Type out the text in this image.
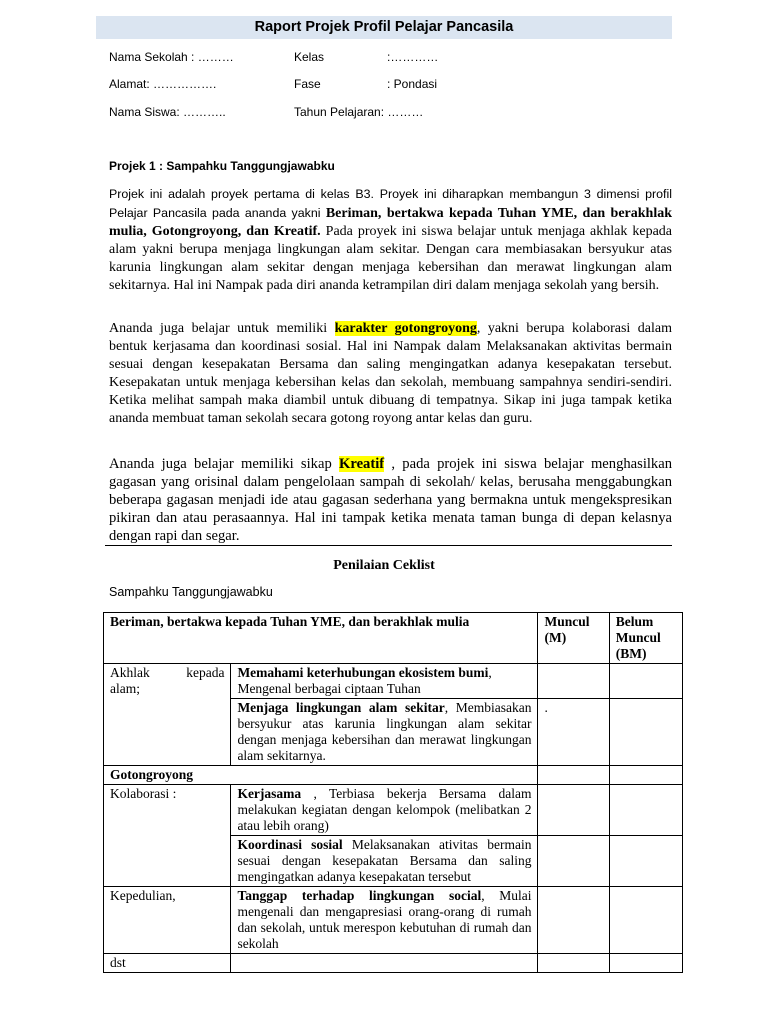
Raport Projek Profil Pelajar Pancasila
Nama Sekolah : ………	Kelas	:…………
Alamat: …………….	Fase	: Pondasi
Nama Siswa: ………..	Tahun Pelajaran: ………
Projek 1 : Sampahku Tanggungjawabku

Projek ini adalah proyek pertama di kelas B3. Proyek ini diharapkan membangun 3 dimensi profil Pelajar Pancasila pada ananda yakni Beriman, bertakwa kepada Tuhan YME, dan berakhlak mulia, Gotongroyong, dan Kreatif. Pada proyek ini siswa belajar untuk menjaga akhlak kepada alam yakni berupa menjaga lingkungan alam sekitar. Dengan cara membiasakan bersyukur atas karunia lingkungan alam sekitar dengan menjaga kebersihan dan merawat lingkungan alam sekitarnya. Hal ini Nampak pada diri ananda ketrampilan diri dalam menjaga sekolah yang bersih.

Ananda juga belajar untuk memiliki karakter gotongroyong, yakni berupa kolaborasi dalam bentuk kerjasama dan koordinasi sosial. Hal ini Nampak dalam Melaksanakan aktivitas bermain sesuai dengan kesepakatan Bersama dan saling mengingatkan adanya kesepakatan tersebut. Kesepakatan untuk menjaga kebersihan kelas dan sekolah, membuang sampahnya sendiri-sendiri. Ketika melihat sampah maka diambil untuk dibuang di tempatnya. Sikap ini juga tampak ketika ananda membuat taman sekolah secara gotong royong antar kelas dan guru.

Ananda juga belajar memiliki sikap Kreatif , pada projek ini siswa belajar menghasilkan gagasan yang orisinal dalam pengelolaan sampah di sekolah/ kelas, berusaha menggabungkan beberapa gagasan menjadi ide atau gagasan sederhana yang bermakna untuk mengekspresikan pikiran dan atau perasaannya. Hal ini tampak ketika menata taman bunga di depan kelasnya dengan rapi dan segar.

Penilaian Ceklist
Sampahku Tanggungjawabku
Beriman, bertakwa kepada Tuhan YME, dan berakhlak mulia		Muncul (M)	Belum Muncul (BM)
Akhlak kepada alam;	Memahami keterhubungan ekosistem bumi, Mengenal berbagai ciptaan Tuhan		
	Menjaga lingkungan alam sekitar, Membiasakan bersyukur atas karunia lingkungan alam sekitar dengan menjaga kebersihan dan merawat lingkungan alam sekitarnya.	.	
Gotongroyong			
Kolaborasi :	Kerjasama , Terbiasa bekerja Bersama dalam melakukan kegiatan dengan kelompok (melibatkan 2 atau lebih orang)		
	Koordinasi sosial Melaksanakan ativitas bermain sesuai dengan kesepakatan Bersama dan saling mengingatkan adanya kesepakatan tersebut		
Kepedulian,	Tanggap terhadap lingkungan social, Mulai mengenali dan mengapresiasi orang-orang di rumah dan sekolah, untuk merespon kebutuhan di rumah dan sekolah		
dst			
